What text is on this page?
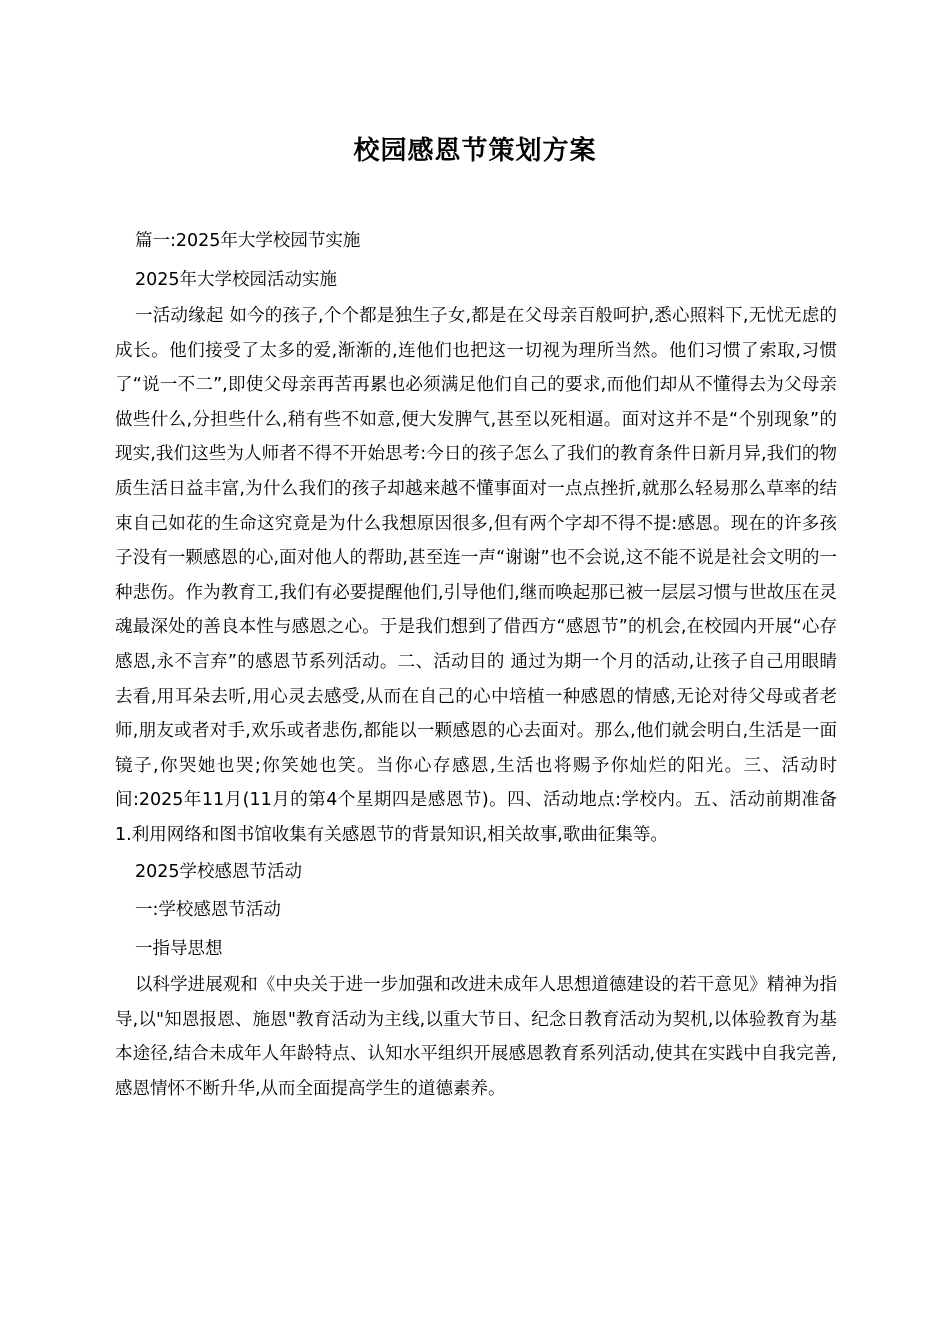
校园感恩节策划方案

篇一:2025年大学校园节实施

2025年大学校园活动实施

一活动缘起 如今的孩子,个个都是独生子女,都是在父母亲百般呵护,悉心照料下,无忧无虑的成长。他们接受了太多的爱,渐渐的,连他们也把这一切视为理所当然。他们习惯了索取,习惯了“说一不二”,即使父母亲再苦再累也必须满足他们自己的要求,而他们却从不懂得去为父母亲做些什么,分担些什么,稍有些不如意,便大发脾气,甚至以死相逼。面对这并不是“个别现象”的现实,我们这些为人师者不得不开始思考:今日的孩子怎么了我们的教育条件日新月异,我们的物质生活日益丰富,为什么我们的孩子却越来越不懂事面对一点点挫折,就那么轻易那么草率的结束自己如花的生命这究竟是为什么我想原因很多,但有两个字却不得不提:感恩。现在的许多孩子没有一颗感恩的心,面对他人的帮助,甚至连一声“谢谢”也不会说,这不能不说是社会文明的一种悲伤。作为教育工,我们有必要提醒他们,引导他们,继而唤起那已被一层层习惯与世故压在灵魂最深处的善良本性与感恩之心。于是我们想到了借西方“感恩节”的机会,在校园内开展“心存感恩,永不言弃”的感恩节系列活动。二、活动目的 通过为期一个月的活动,让孩子自己用眼睛去看,用耳朵去听,用心灵去感受,从而在自己的心中培植一种感恩的情感,无论对待父母或者老师,朋友或者对手,欢乐或者悲伤,都能以一颗感恩的心去面对。那么,他们就会明白,生活是一面镜子,你哭她也哭;你笑她也笑。当你心存感恩,生活也将赐予你灿烂的阳光。三、活动时间:2025年11月(11月的第4个星期四是感恩节)。四、活动地点:学校内。五、活动前期准备 1.利用网络和图书馆收集有关感恩节的背景知识,相关故事,歌曲征集等。

2025学校感恩节活动

一:学校感恩节活动

一指导思想

以科学进展观和《中央关于进一步加强和改进未成年人思想道德建设的若干意见》精神为指导,以"知恩报恩、施恩"教育活动为主线,以重大节日、纪念日教育活动为契机,以体验教育为基本途径,结合未成年人年龄特点、认知水平组织开展感恩教育系列活动,使其在实践中自我完善,感恩情怀不断升华,从而全面提高学生的道德素养。
